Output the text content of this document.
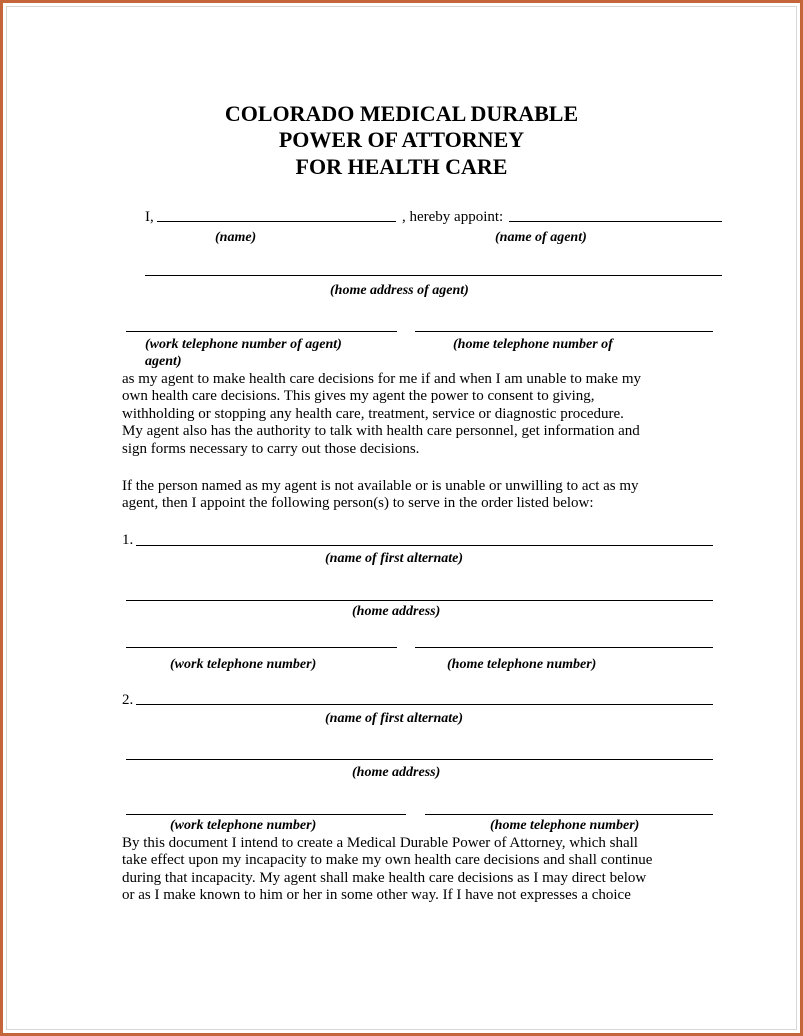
COLORADO MEDICAL DURABLE
POWER OF ATTORNEY
FOR HEALTH CARE
I,	, hereby appoint:
(name)	(name of agent)
(home address of agent)
(work telephone number of agent)	(home telephone number of
agent)
as my agent to make health care decisions for me if and when I am unable to make my
own health care decisions. This gives my agent the power to consent to giving,
withholding or stopping any health care, treatment, service or diagnostic procedure.
My agent also has the authority to talk with health care personnel, get information and
sign forms necessary to carry out those decisions.
If the person named as my agent is not available or is unable or unwilling to act as my
agent, then I appoint the following person(s) to serve in the order listed below:
1.
(name of first alternate)
(home address)
(work telephone number)	(home telephone number)
2.
(name of first alternate)
(home address)
(work telephone number)	(home telephone number)
By this document I intend to create a Medical Durable Power of Attorney, which shall
take effect upon my incapacity to make my own health care decisions and shall continue
during that incapacity. My agent shall make health care decisions as I may direct below
or as I make known to him or her in some other way. If I have not expresses a choice
